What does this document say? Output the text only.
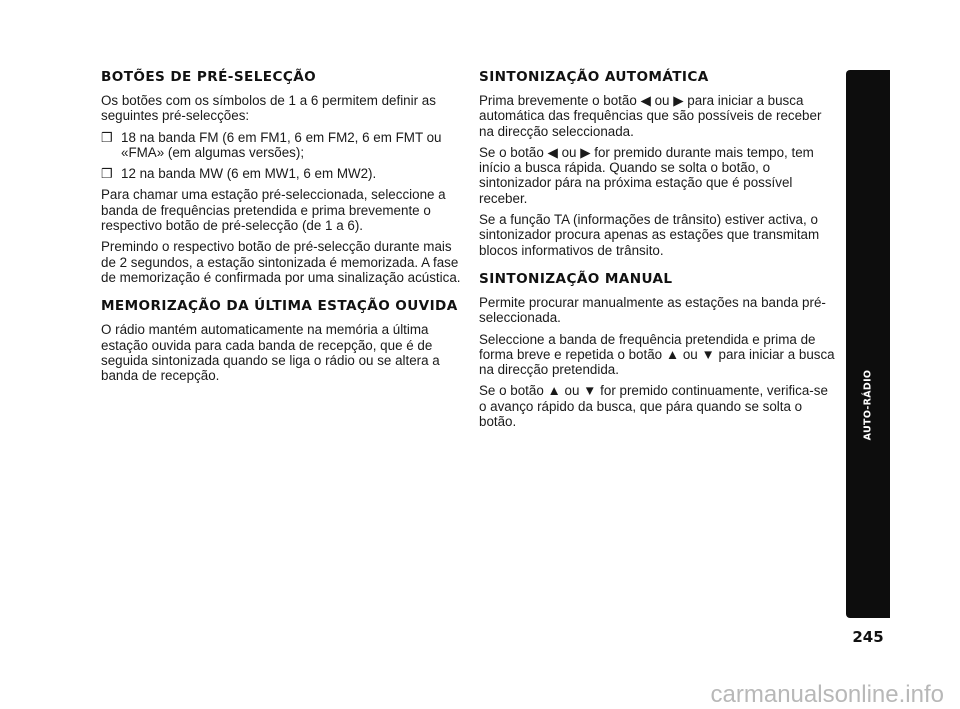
BOTÕES DE PRÉ-SELECÇÃO

Os botões com os símbolos de 1 a 6 permitem definir as seguintes pré-selecções:

❒ 18 na banda FM (6 em FM1, 6 em FM2, 6 em FMT ou «FMA» (em algumas versões);
❒ 12 na banda MW (6 em MW1, 6 em MW2).

Para chamar uma estação pré-seleccionada, seleccione a banda de frequências pretendida e prima brevemente o respectivo botão de pré-selecção (de 1 a 6).

Premindo o respectivo botão de pré-selecção durante mais de 2 segundos, a estação sintonizada é memorizada. A fase de memorização é confirmada por uma sinalização acústica.

MEMORIZAÇÃO DA ÚLTIMA ESTAÇÃO OUVIDA

O rádio mantém automaticamente na memória a última estação ouvida para cada banda de recepção, que é de seguida sintonizada quando se liga o rádio ou se altera a banda de recepção.

SINTONIZAÇÃO AUTOMÁTICA

Prima brevemente o botão ◀ ou ▶ para iniciar a busca automática das frequências que são possíveis de receber na direcção seleccionada.

Se o botão ◀ ou ▶ for premido durante mais tempo, tem início a busca rápida. Quando se solta o botão, o sintonizador pára na próxima estação que é possível receber.

Se a função TA (informações de trânsito) estiver activa, o sintonizador procura apenas as estações que transmitam blocos informativos de trânsito.

SINTONIZAÇÃO MANUAL

Permite procurar manualmente as estações na banda pré-seleccionada.

Seleccione a banda de frequência pretendida e prima de forma breve e repetida o botão ▲ ou ▼ para iniciar a busca na direcção pretendida.

Se o botão ▲ ou ▼ for premido continuamente, verifica-se o avanço rápido da busca, que pára quando se solta o botão.	AUTO-RÁDIO
245
carmanualsonline.info
